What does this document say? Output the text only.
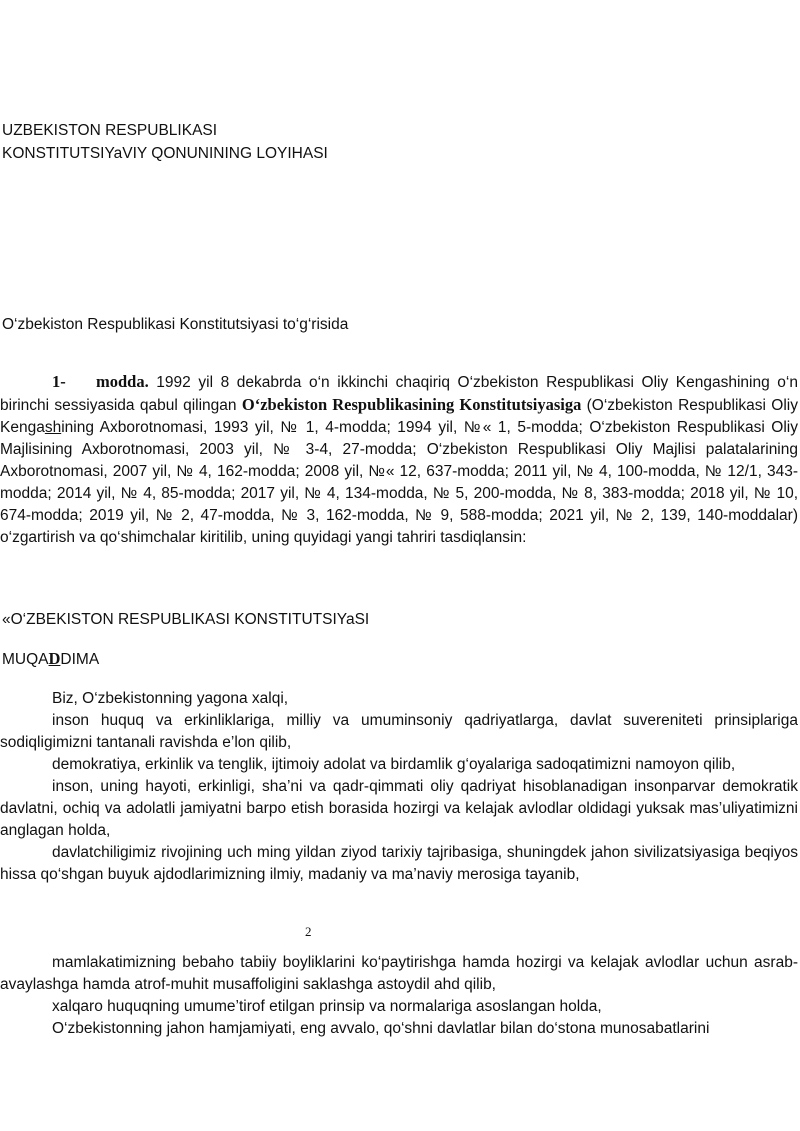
UZBEKISTON RESPUBLIKASI
KONSTITUTSIYaVIY QONUNINING LOYIHASI
O‘zbekiston Respublikasi Konstitutsiyasi to‘g‘risida
1- modda. 1992 yil 8 dekabrda o‘n ikkinchi chaqiriq O‘zbekiston Respublikasi Oliy Kengashining o‘n birinchi sessiyasida qabul qilingan O‘zbekiston Respublikasining Konstitutsiyasiga (O‘zbekiston Respublikasi Oliy Kengashining Axborotnomasi, 1993 yil, № 1, 4-modda; 1994 yil, №« 1, 5-modda; O‘zbekiston Respublikasi Oliy Majlisining Axborotnomasi, 2003 yil, № 3-4, 27-modda; O‘zbekiston Respublikasi Oliy Majlisi palatalarining Axborotnomasi, 2007 yil, № 4, 162-modda; 2008 yil, №« 12, 637-modda; 2011 yil, № 4, 100-modda, № 12/1, 343-modda; 2014 yil, № 4, 85-modda; 2017 yil, № 4, 134-modda, № 5, 200-modda, № 8, 383-modda; 2018 yil, № 10, 674-modda; 2019 yil, № 2, 47-modda, № 3, 162-modda, № 9, 588-modda; 2021 yil, № 2, 139, 140-moddalar) o‘zgartirish va qo‘shimchalar kiritilib, uning quyidagi yangi tahriri tasdiqlansin:
«O‘ZBEKISTON RESPUBLIKASI KONSTITUTSIYaSI
MUQADDIMA
Biz, O‘zbekistonning yagona xalqi,
inson huquq va erkinliklariga, milliy va umuminsoniy qadriyatlarga, davlat suvereniteti prinsiplariga sodiqligimizni tantanali ravishda e’lon qilib,
demokratiya, erkinlik va tenglik, ijtimoiy adolat va birdamlik g‘oyalariga sadoqatimizni namoyon qilib,
inson, uning hayoti, erkinligi, sha’ni va qadr-qimmati oliy qadriyat hisoblanadigan insonparvar demokratik davlatni, ochiq va adolatli jamiyatni barpo etish borasida hozirgi va kelajak avlodlar oldidagi yuksak mas’uliyatimizni anglagan holda,
davlatchiligimiz rivojining uch ming yildan ziyod tarixiy tajribasiga, shuningdek jahon sivilizatsiyasiga beqiyos hissa qo‘shgan buyuk ajdodlarimizning ilmiy, madaniy va ma’naviy merosiga tayanib,
2
mamlakatimizning bebaho tabiiy boyliklarini ko‘paytirishga hamda hozirgi va kelajak avlodlar uchun asrab-avaylashga hamda atrof-muhit musaffoligini saklashga astoydil ahd qilib,
xalqaro huquqning umume’tirof etilgan prinsip va normalariga asoslangan holda,
O‘zbekistonning jahon hamjamiyati, eng avvalo, qo‘shni davlatlar bilan do‘stona munosabatlarini
